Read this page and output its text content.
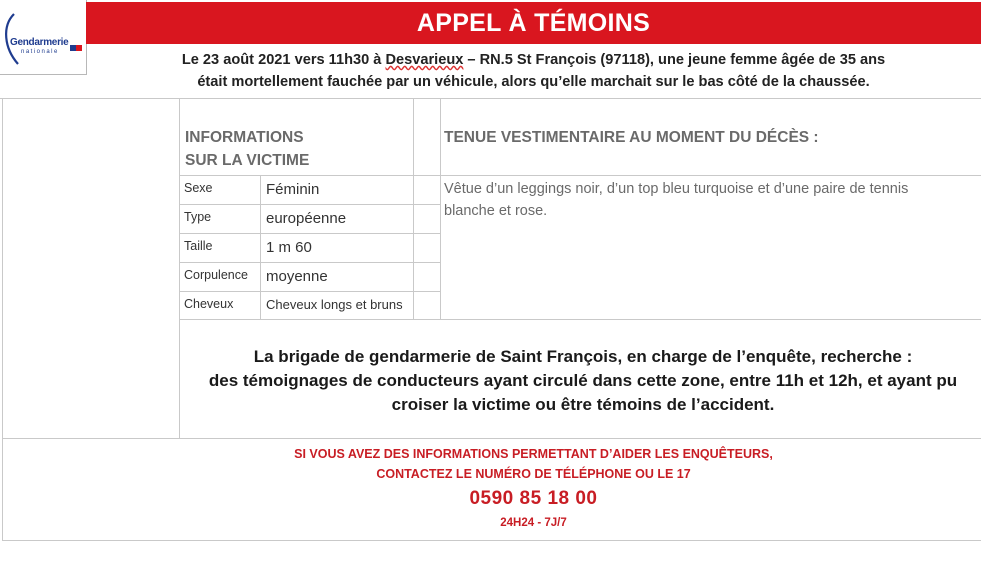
Gendarmerie
nationale
APPEL À TÉMOINS
Le 23 août 2021 vers 11h30 à Desvarieux – RN.5 St François (97118), une jeune femme âgée de 35 ans
était mortellement fauchée par un véhicule, alors qu’elle marchait sur le bas côté de la chaussée.
INFORMATIONS
SUR LA VICTIME
Sexe	Féminin
Type	européenne
Taille	1 m 60
Corpulence moyenne
Cheveux	Cheveux longs et bruns
TENUE VESTIMENTAIRE AU MOMENT DU DÉCÈS :
Vêtue d’un leggings noir, d’un top bleu turquoise et d’une paire de tennis
blanche et rose.
La brigade de gendarmerie de Saint François, en charge de l’enquête, recherche :
des témoignages de conducteurs ayant circulé dans cette zone, entre 11h et 12h, et ayant pu
croiser la victime ou être témoins de l’accident.
SI VOUS AVEZ DES INFORMATIONS PERMETTANT D’AIDER LES ENQUÊTEURS,
CONTACTEZ LE NUMÉRO DE TÉLÉPHONE OU LE 17
0590 85 18 00
24H24 - 7J/7
